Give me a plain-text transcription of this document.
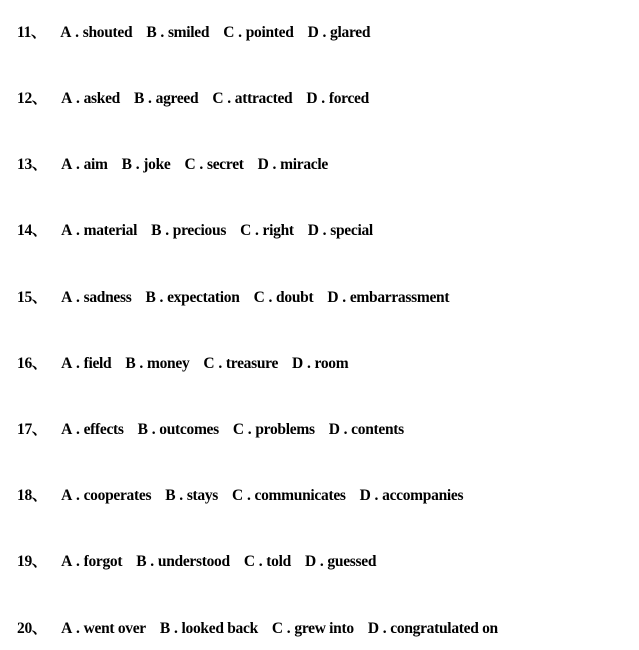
11、 A . shouted B . smiled C . pointed D . glared
12、 A . asked B . agreed C . attracted D . forced
13、 A . aim B . joke C . secret D . miracle
14、 A . material B . precious C . right D . special
15、 A . sadness B . expectation C . doubt D . embarrassment
16、 A . field B . money C . treasure D . room
17、 A . effects B . outcomes C . problems D . contents
18、 A . cooperates B . stays C . communicates D . accompanies
19、 A . forgot B . understood C . told D . guessed
20、 A . went over B . looked back C . grew into D . congratulated on
